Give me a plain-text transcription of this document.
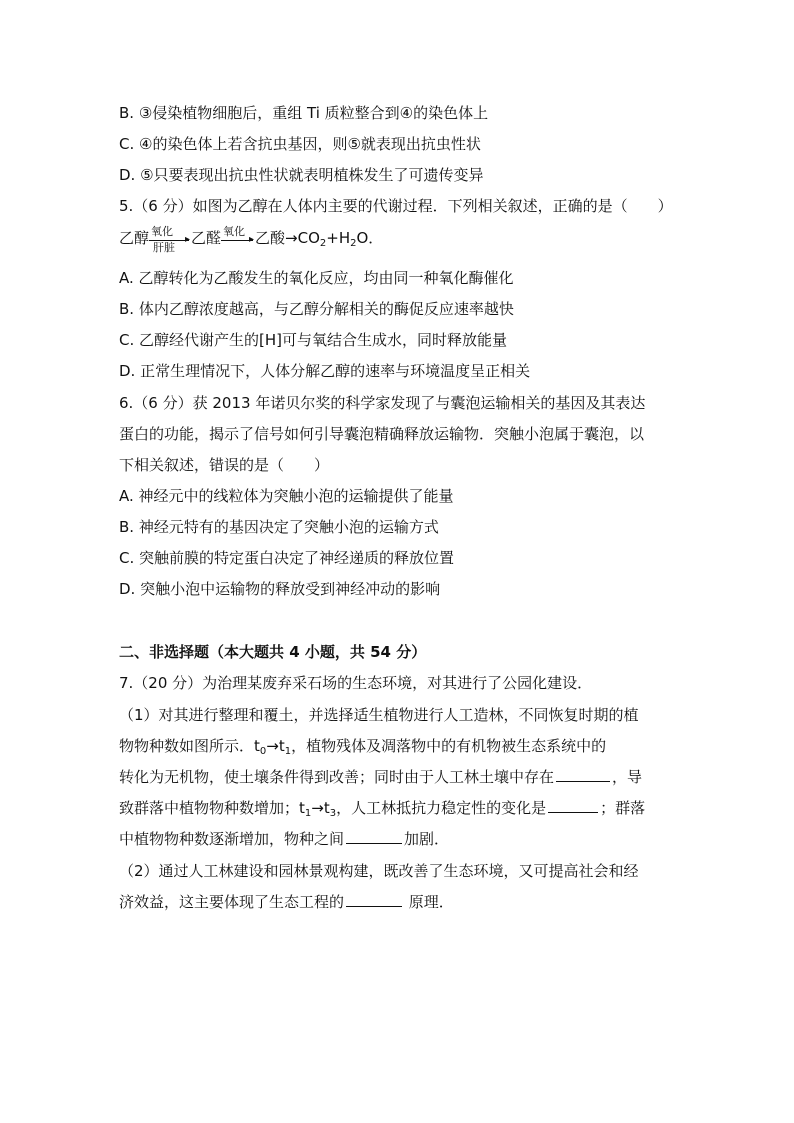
B. ③侵染植物细胞后，重组 Ti 质粒整合到④的染色体上
C. ④的染色体上若含抗虫基因，则⑤就表现出抗虫性状
D. ⑤只要表现出抗虫性状就表明植株发生了可遗传变异
5.（6 分）如图为乙醇在人体内主要的代谢过程．下列相关叙述，正确的是（　　）
乙醇 氧化
▸
肝脏 乙醛 氧化
▸ 乙酸$\to CO_2+H_2O$．
A. 乙醇转化为乙酸发生的氧化反应，均由同一种氧化酶催化
B. 体内乙醇浓度越高，与乙醇分解相关的酶促反应速率越快
C. 乙醇经代谢产生的[H]可与氧结合生成水，同时释放能量
D. 正常生理情况下，人体分解乙醇的速率与环境温度呈正相关
6.（6 分）获 2013 年诺贝尔奖的科学家发现了与囊泡运输相关的基因及其表达
蛋白的功能，揭示了信号如何引导囊泡精确释放运输物．突触小泡属于囊泡，以
下相关叙述，错误的是（　　）
A. 神经元中的线粒体为突触小泡的运输提供了能量
B. 神经元特有的基因决定了突触小泡的运输方式
C. 突触前膜的特定蛋白决定了神经递质的释放位置
D. 突触小泡中运输物的释放受到神经冲动的影响
二、非选择题（本大题共 4 小题，共 54 分）
7.（20 分）为治理某废弃采石场的生态环境，对其进行了公园化建设．
（1）对其进行整理和覆土，并选择适生植物进行人工造林，不同恢复时期的植
物物种数如图所示．$t_0\to t_1$，植物残体及凋落物中的有机物被生态系统中的
转化为无机物，使土壤条件得到改善；同时由于人工林土壤中存在	，导
致群落中植物物种数增加；$t_1\to t_3$，人工林抵抗力稳定性的变化是	；群落
中植物物种数逐渐增加，物种之间	加剧．
（2）通过人工林建设和园林景观构建，既改善了生态环境，又可提高社会和经
济效益，这主要体现了生态工程的	原理．
